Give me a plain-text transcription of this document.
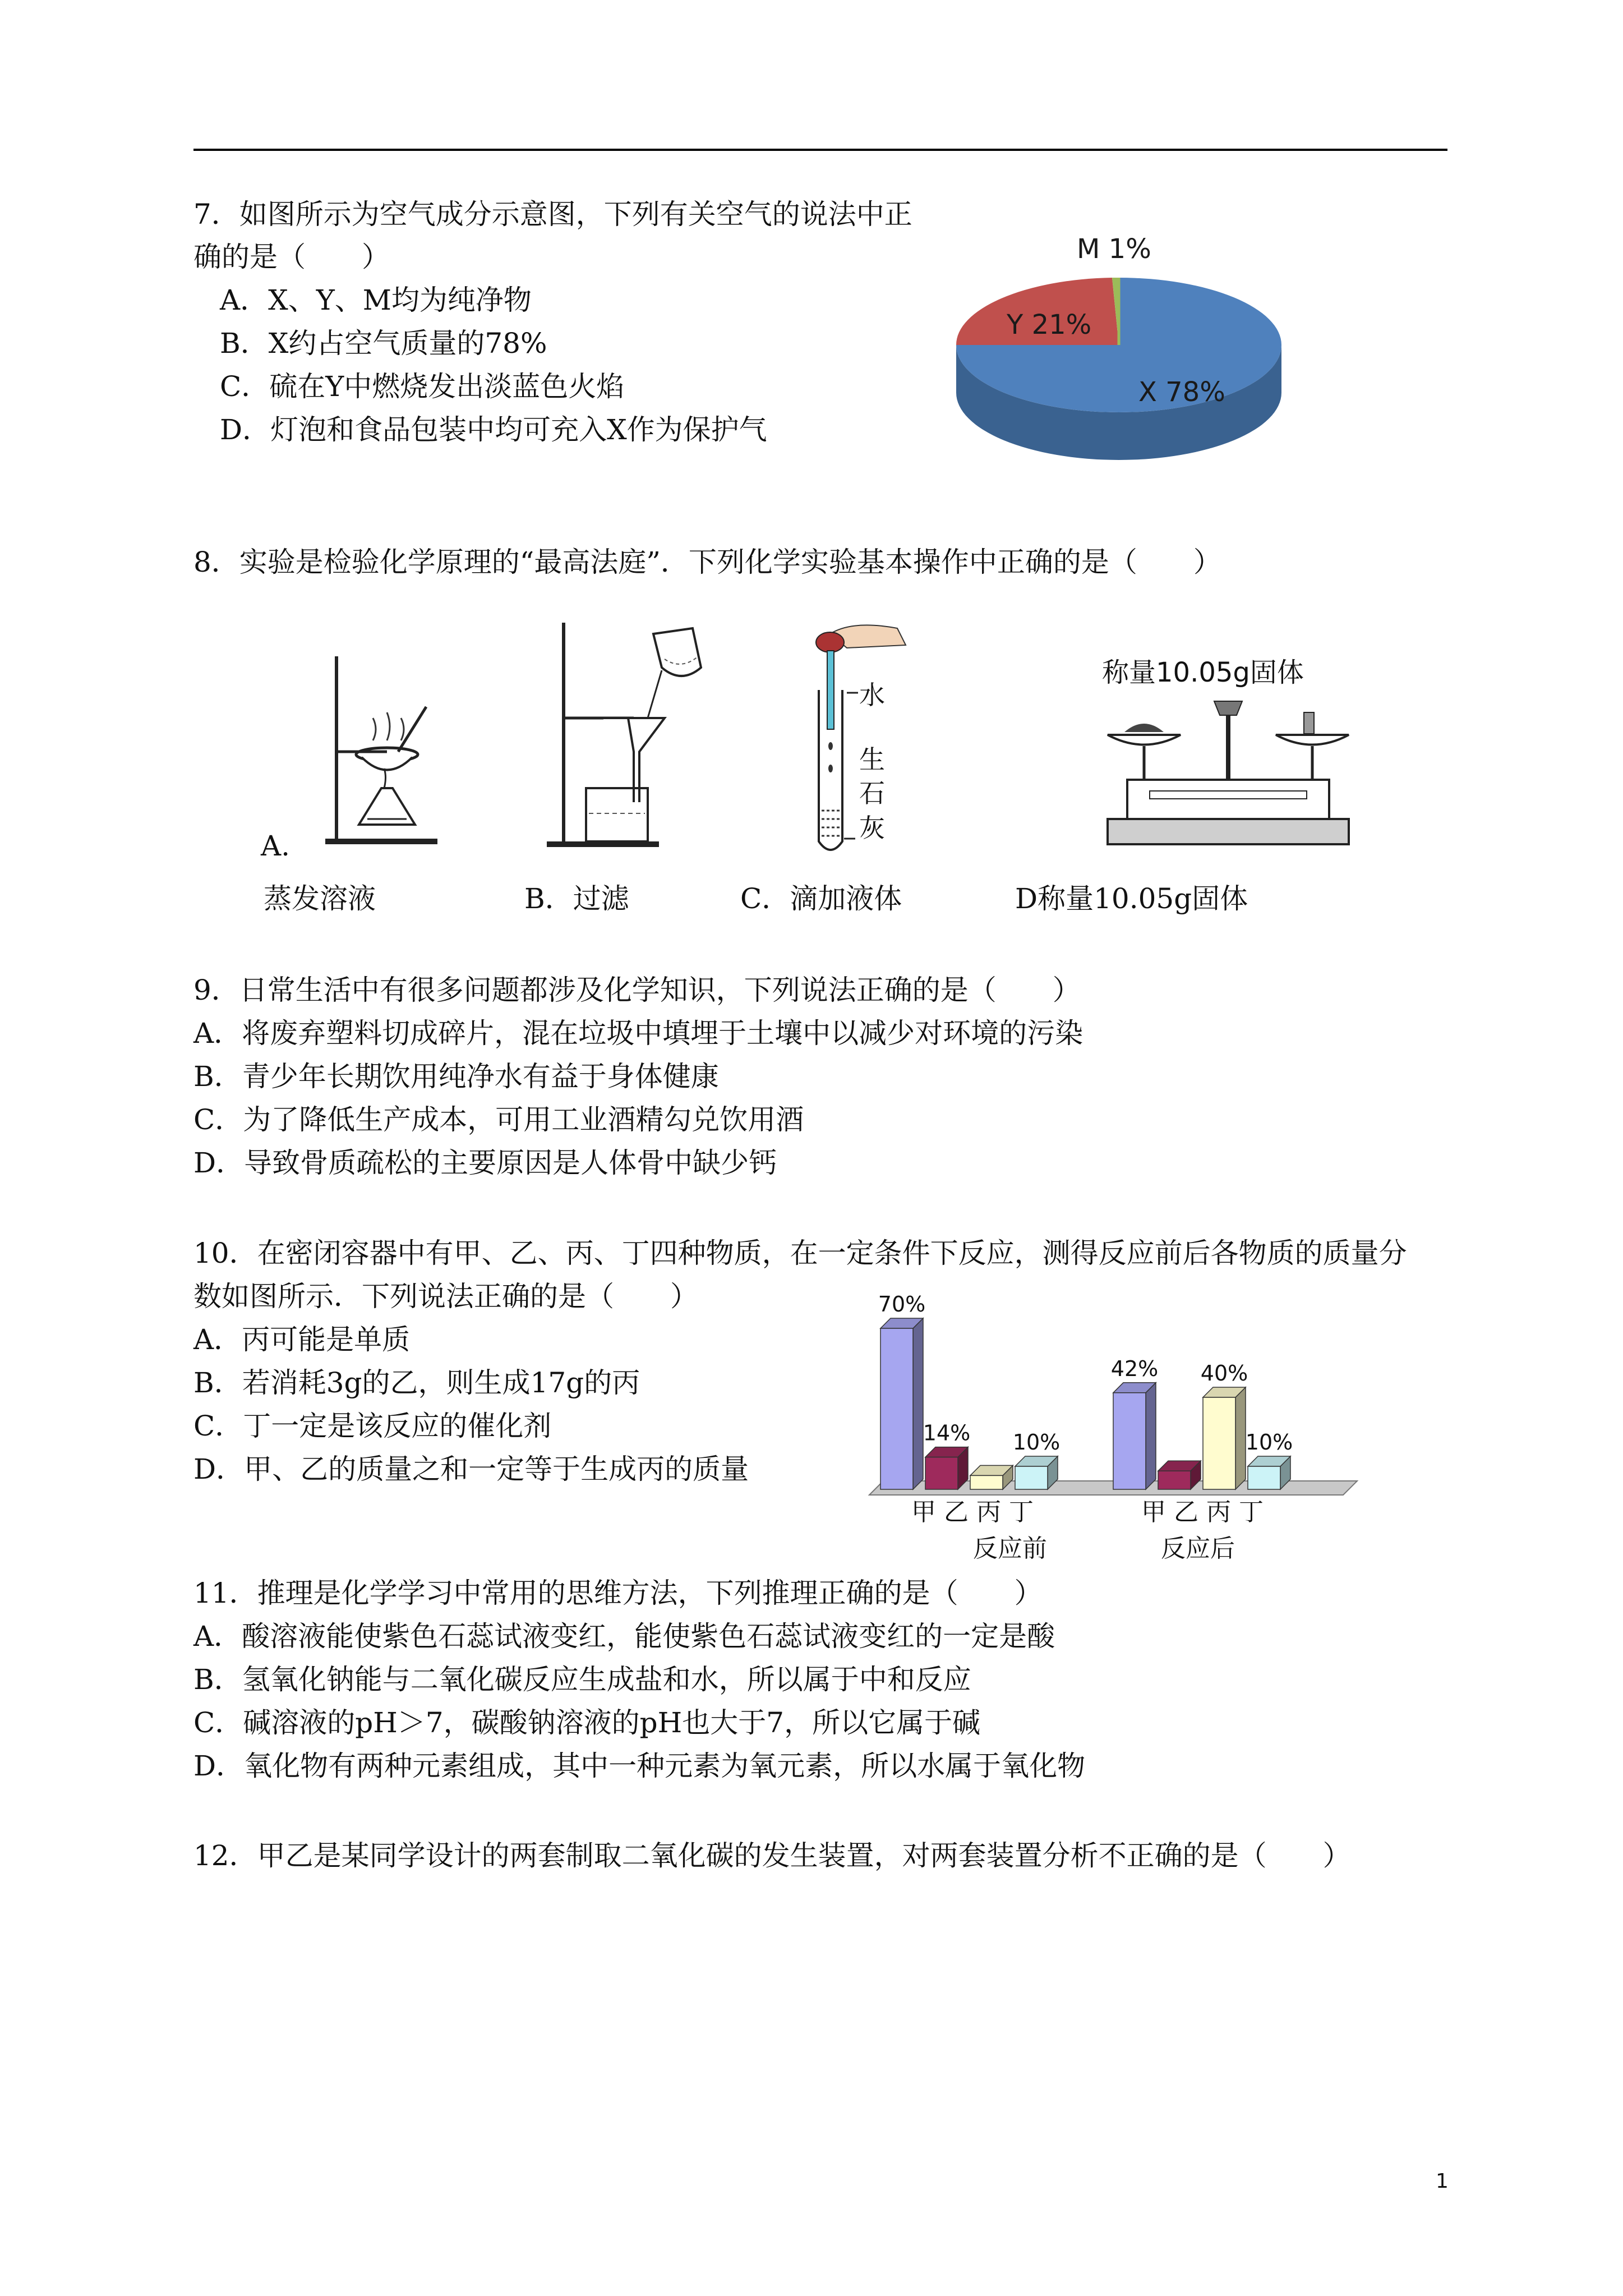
7．如图所示为空气成分示意图，下列有关空气的说法中正
确的是（　　）
A．X、Y、M均为纯净物
B．X约占空气质量的78%
C．硫在Y中燃烧发出淡蓝色火焰
D．灯泡和食品包装中均可充入X作为保护气
X 78%
Y 21%
M 1%
8．实验是检验化学原理的“最高法庭”．下列化学实验基本操作中正确的是（　　）
A.
水
生
石
灰
称量10.05g固体
蒸发溶液	B．过滤	C．滴加液体	D称量10.05g固体
9．日常生活中有很多问题都涉及化学知识，下列说法正确的是（　　）
A．将废弃塑料切成碎片，混在垃圾中填埋于土壤中以减少对环境的污染
B．青少年长期饮用纯净水有益于身体健康
C．为了降低生产成本，可用工业酒精勾兑饮用酒
D．导致骨质疏松的主要原因是人体骨中缺少钙
10．在密闭容器中有甲、乙、丙、丁四种物质，在一定条件下反应，测得反应前后各物质的质量分
数如图所示．下列说法正确的是（　　）
A．丙可能是单质
B．若消耗3g的乙，则生成17g的丙
C．丁一定是该反应的催化剂
D．甲、乙的质量之和一定等于生成丙的质量
70%
14% 10%
42% 40%
10%
甲 乙 丙 丁	甲 乙 丙 丁
反应前	反应后
11．推理是化学学习中常用的思维方法，下列推理正确的是（　　）
A．酸溶液能使紫色石蕊试液变红，能使紫色石蕊试液变红的一定是酸
B．氢氧化钠能与二氧化碳反应生成盐和水，所以属于中和反应
C．碱溶液的pH＞7，碳酸钠溶液的pH也大于7，所以它属于碱
D．氧化物有两种元素组成，其中一种元素为氧元素，所以水属于氧化物
12．甲乙是某同学设计的两套制取二氧化碳的发生装置，对两套装置分析不正确的是（　　）
1
